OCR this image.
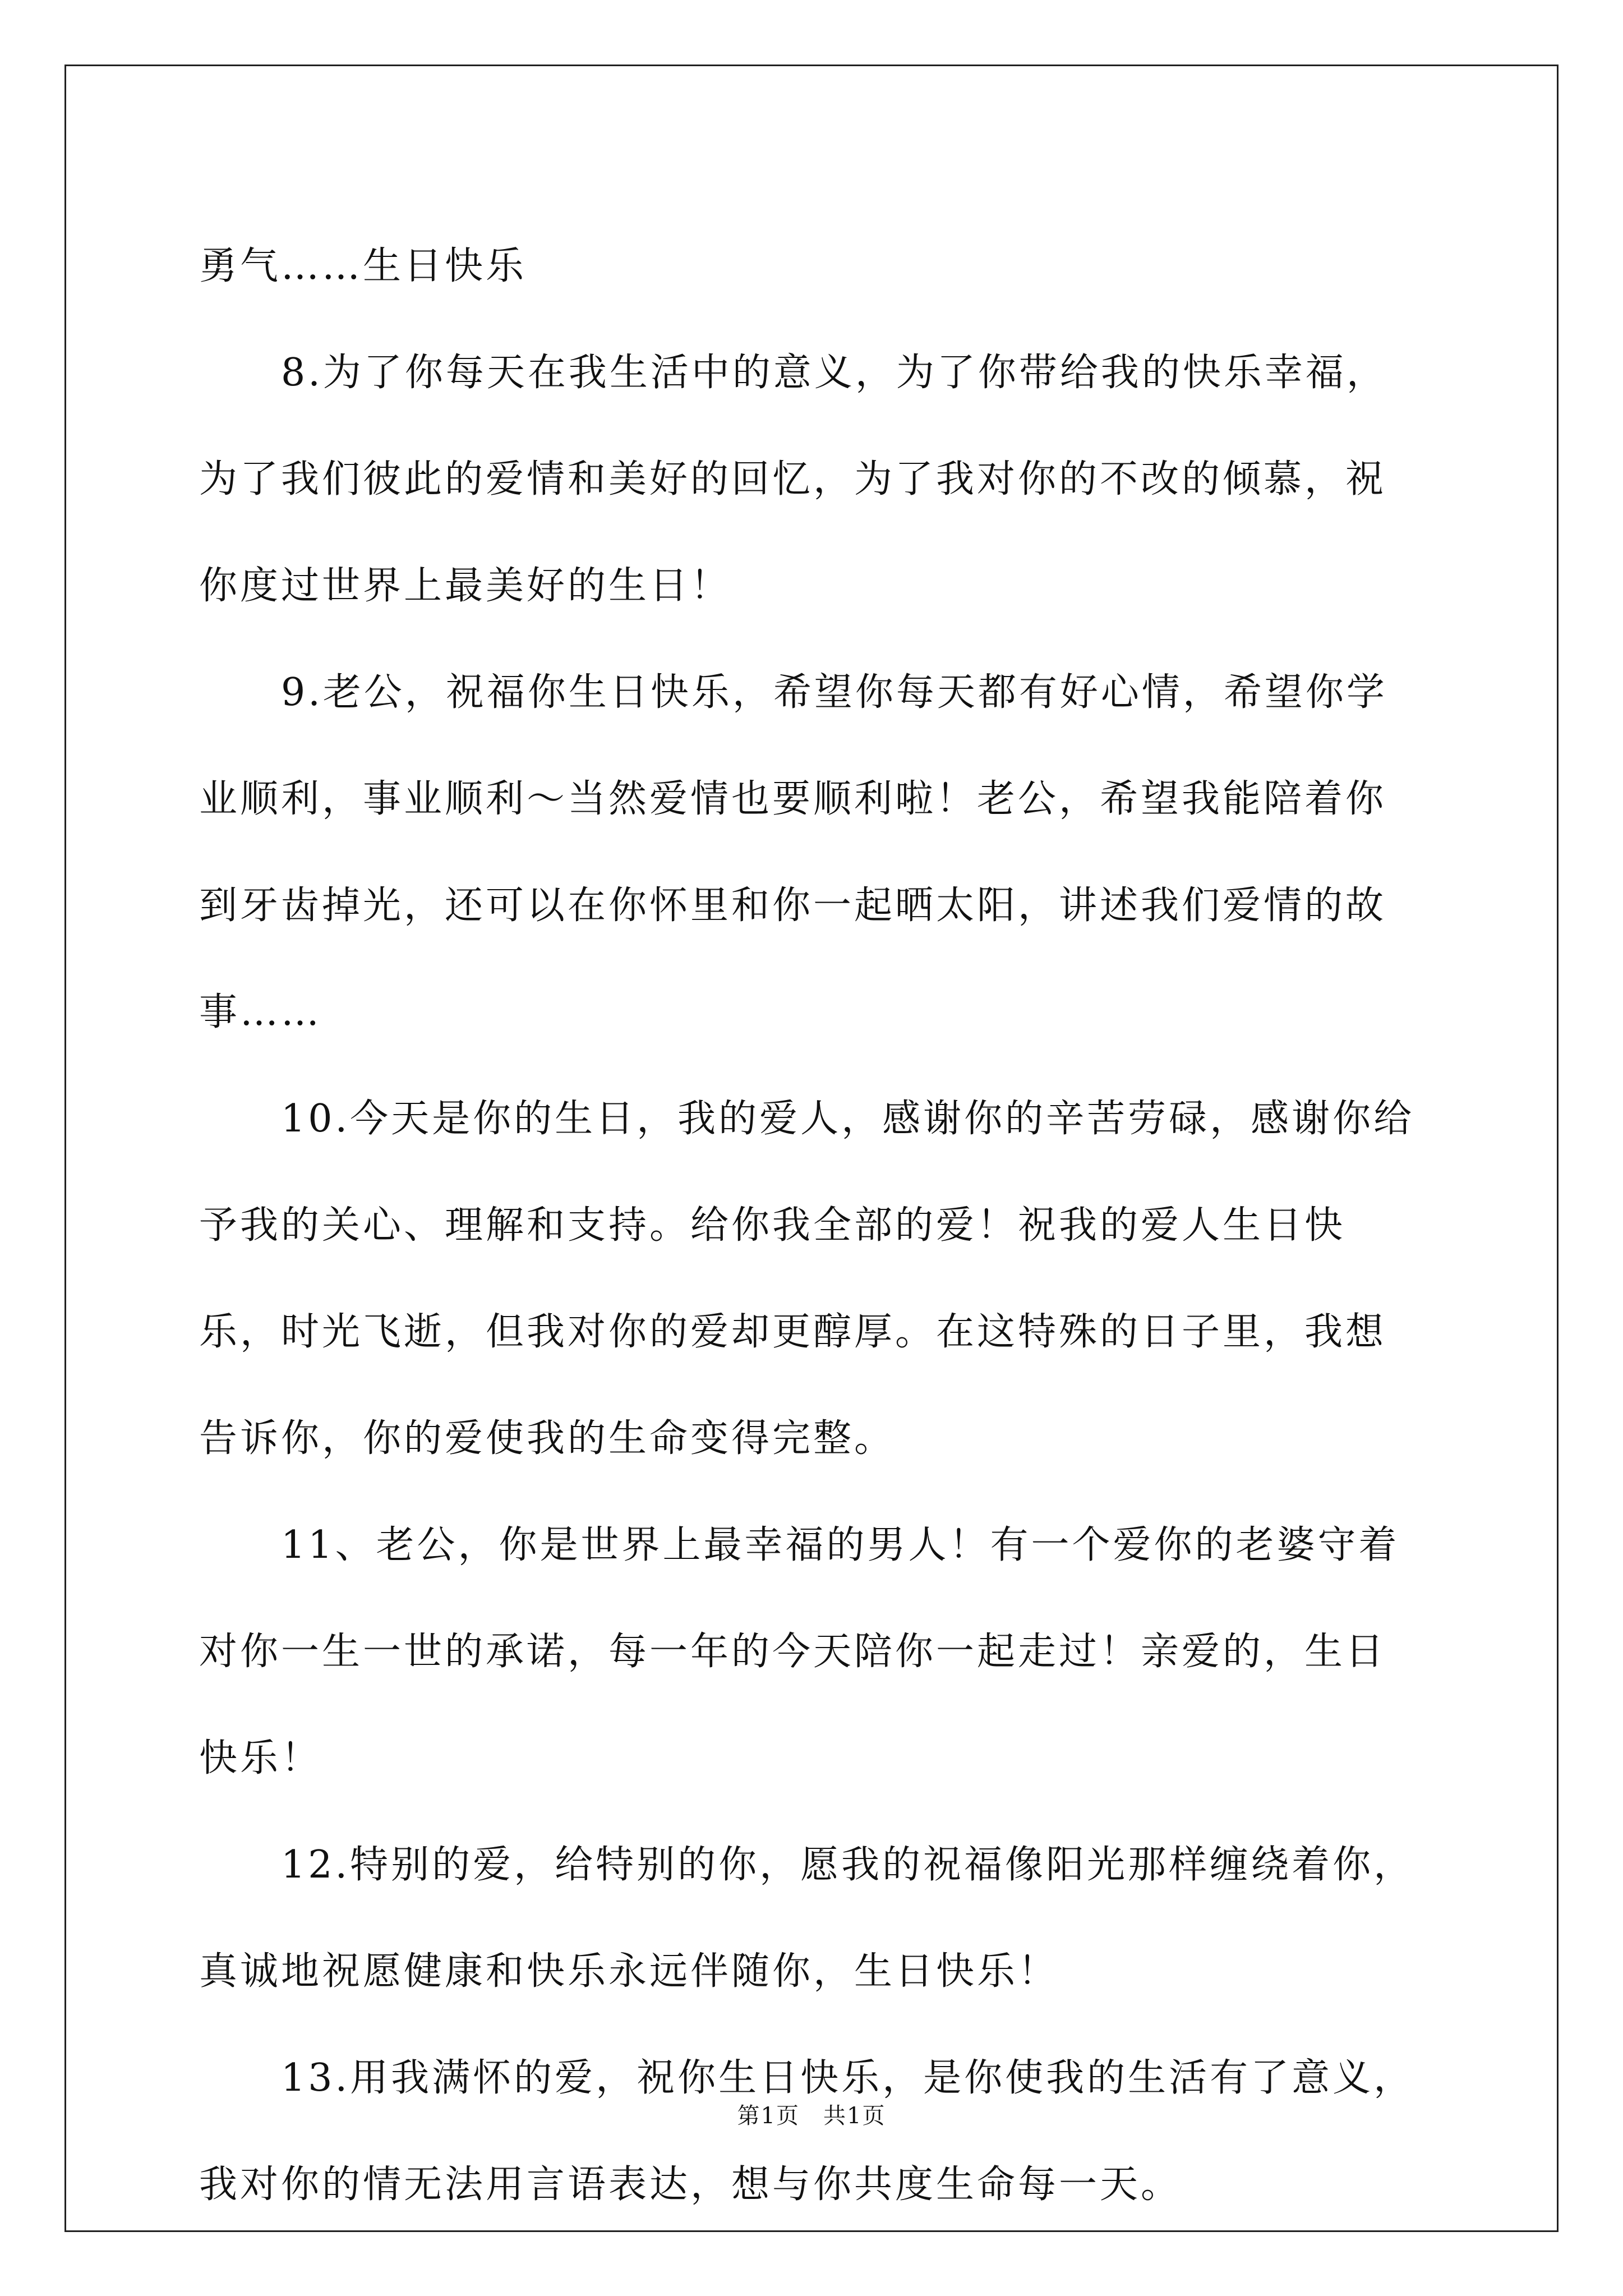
勇气……生日快乐

8.为了你每天在我生活中的意义，为了你带给我的快乐幸福，为了我们彼此的爱情和美好的回忆，为了我对你的不改的倾慕，祝你度过世界上最美好的生日！

9.老公，祝福你生日快乐，希望你每天都有好心情，希望你学业顺利，事业顺利～当然爱情也要顺利啦！老公，希望我能陪着你到牙齿掉光，还可以在你怀里和你一起晒太阳，讲述我们爱情的故事……

10.今天是你的生日，我的爱人，感谢你的辛苦劳碌，感谢你给予我的关心、理解和支持。给你我全部的爱！祝我的爱人生日快乐，时光飞逝，但我对你的爱却更醇厚。在这特殊的日子里，我想告诉你，你的爱使我的生命变得完整。

11、老公，你是世界上最幸福的男人！有一个爱你的老婆守着对你一生一世的承诺，每一年的今天陪你一起走过！亲爱的，生日快乐！

12.特别的爱，给特别的你，愿我的祝福像阳光那样缠绕着你，真诚地祝愿健康和快乐永远伴随你，生日快乐！

13.用我满怀的爱，祝你生日快乐，是你使我的生活有了意义，我对你的情无法用言语表达，想与你共度生命每一天。

第1页　共1页
